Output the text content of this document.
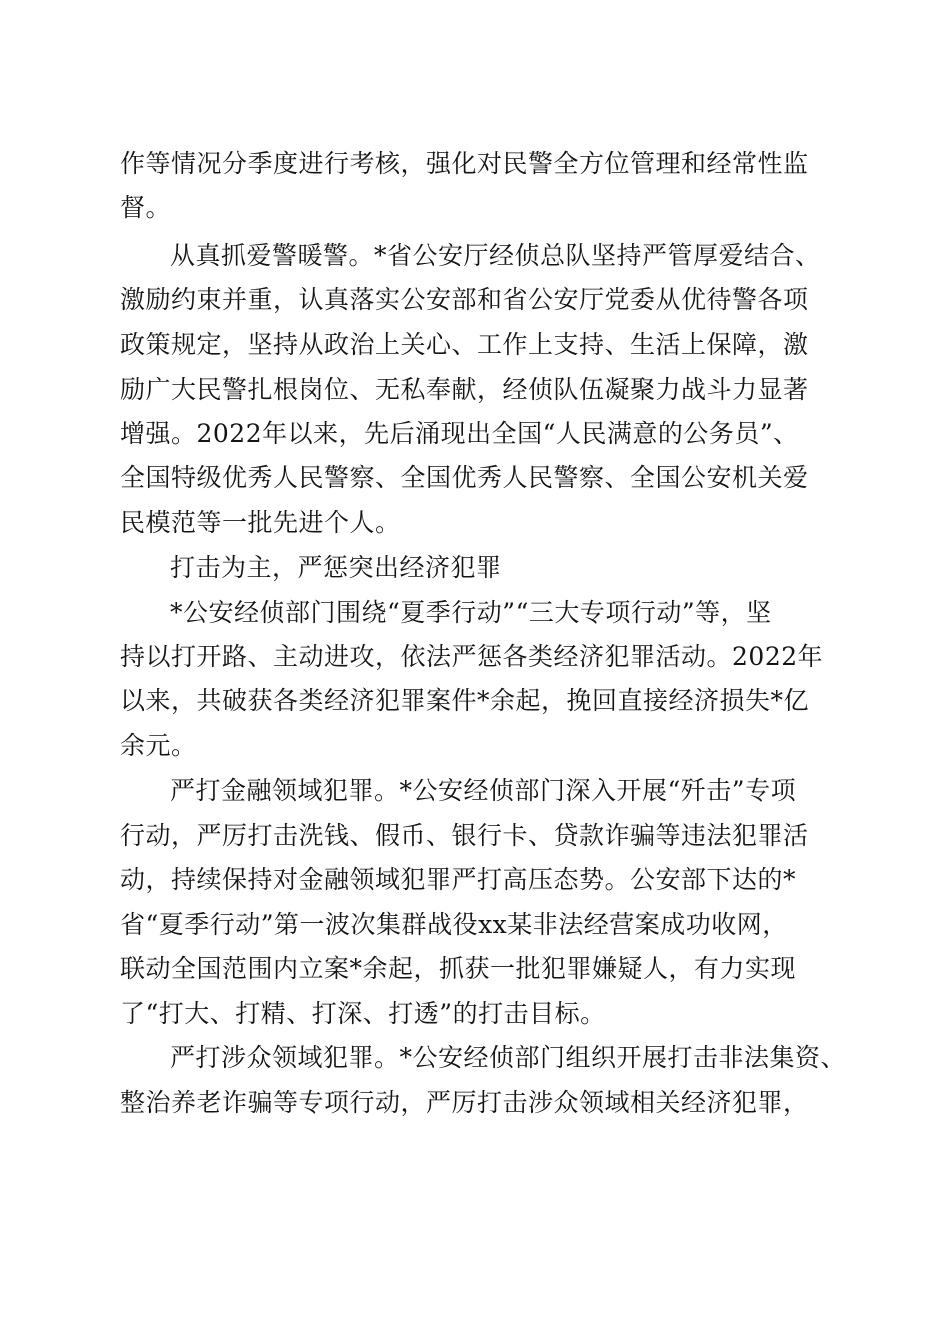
作等情况分季度进行考核，强化对民警全方位管理和经常性监

督。

从真抓爱警暖警。*省公安厅经侦总队坚持严管厚爱结合、

激励约束并重，认真落实公安部和省公安厅党委从优待警各项

政策规定，坚持从政治上关心、工作上支持、生活上保障，激

励广大民警扎根岗位、无私奉献，经侦队伍凝聚力战斗力显著

增强。2022年以来，先后涌现出全国“人民满意的公务员”、

全国特级优秀人民警察、全国优秀人民警察、全国公安机关爱

民模范等一批先进个人。

打击为主，严惩突出经济犯罪

*公安经侦部门围绕“夏季行动”“三大专项行动”等，坚

持以打开路、主动进攻，依法严惩各类经济犯罪活动。2022年

以来，共破获各类经济犯罪案件*余起，挽回直接经济损失*亿

余元。

严打金融领域犯罪。*公安经侦部门深入开展“歼击”专项

行动，严厉打击洗钱、假币、银行卡、贷款诈骗等违法犯罪活

动，持续保持对金融领域犯罪严打高压态势。公安部下达的*

省“夏季行动”第一波次集群战役xx某非法经营案成功收网，

联动全国范围内立案*余起，抓获一批犯罪嫌疑人，有力实现

了“打大、打精、打深、打透”的打击目标。

严打涉众领域犯罪。*公安经侦部门组织开展打击非法集资、

整治养老诈骗等专项行动，严厉打击涉众领域相关经济犯罪，
